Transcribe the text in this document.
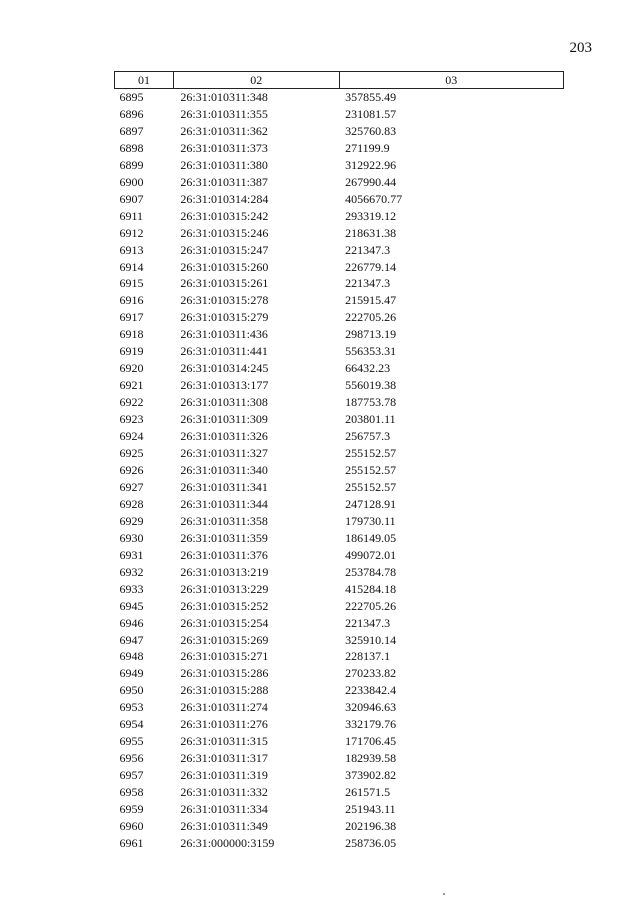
203
01	02	03
6895	26:31:010311:348	357855.49
6896	26:31:010311:355	231081.57
6897	26:31:010311:362	325760.83
6898	26:31:010311:373	271199.9
6899	26:31:010311:380	312922.96
6900	26:31:010311:387	267990.44
6907	26:31:010314:284	4056670.77
6911	26:31:010315:242	293319.12
6912	26:31:010315:246	218631.38
6913	26:31:010315:247	221347.3
6914	26:31:010315:260	226779.14
6915	26:31:010315:261	221347.3
6916	26:31:010315:278	215915.47
6917	26:31:010315:279	222705.26
6918	26:31:010311:436	298713.19
6919	26:31:010311:441	556353.31
6920	26:31:010314:245	66432.23
6921	26:31:010313:177	556019.38
6922	26:31:010311:308	187753.78
6923	26:31:010311:309	203801.11
6924	26:31:010311:326	256757.3
6925	26:31:010311:327	255152.57
6926	26:31:010311:340	255152.57
6927	26:31:010311:341	255152.57
6928	26:31:010311:344	247128.91
6929	26:31:010311:358	179730.11
6930	26:31:010311:359	186149.05
6931	26:31:010311:376	499072.01
6932	26:31:010313:219	253784.78
6933	26:31:010313:229	415284.18
6945	26:31:010315:252	222705.26
6946	26:31:010315:254	221347.3
6947	26:31:010315:269	325910.14
6948	26:31:010315:271	228137.1
6949	26:31:010315:286	270233.82
6950	26:31:010315:288	2233842.4
6953	26:31:010311:274	320946.63
6954	26:31:010311:276	332179.76
6955	26:31:010311:315	171706.45
6956	26:31:010311:317	182939.58
6957	26:31:010311:319	373902.82
6958	26:31:010311:332	261571.5
6959	26:31:010311:334	251943.11
6960	26:31:010311:349	202196.38
6961	26:31:000000:3159	258736.05
